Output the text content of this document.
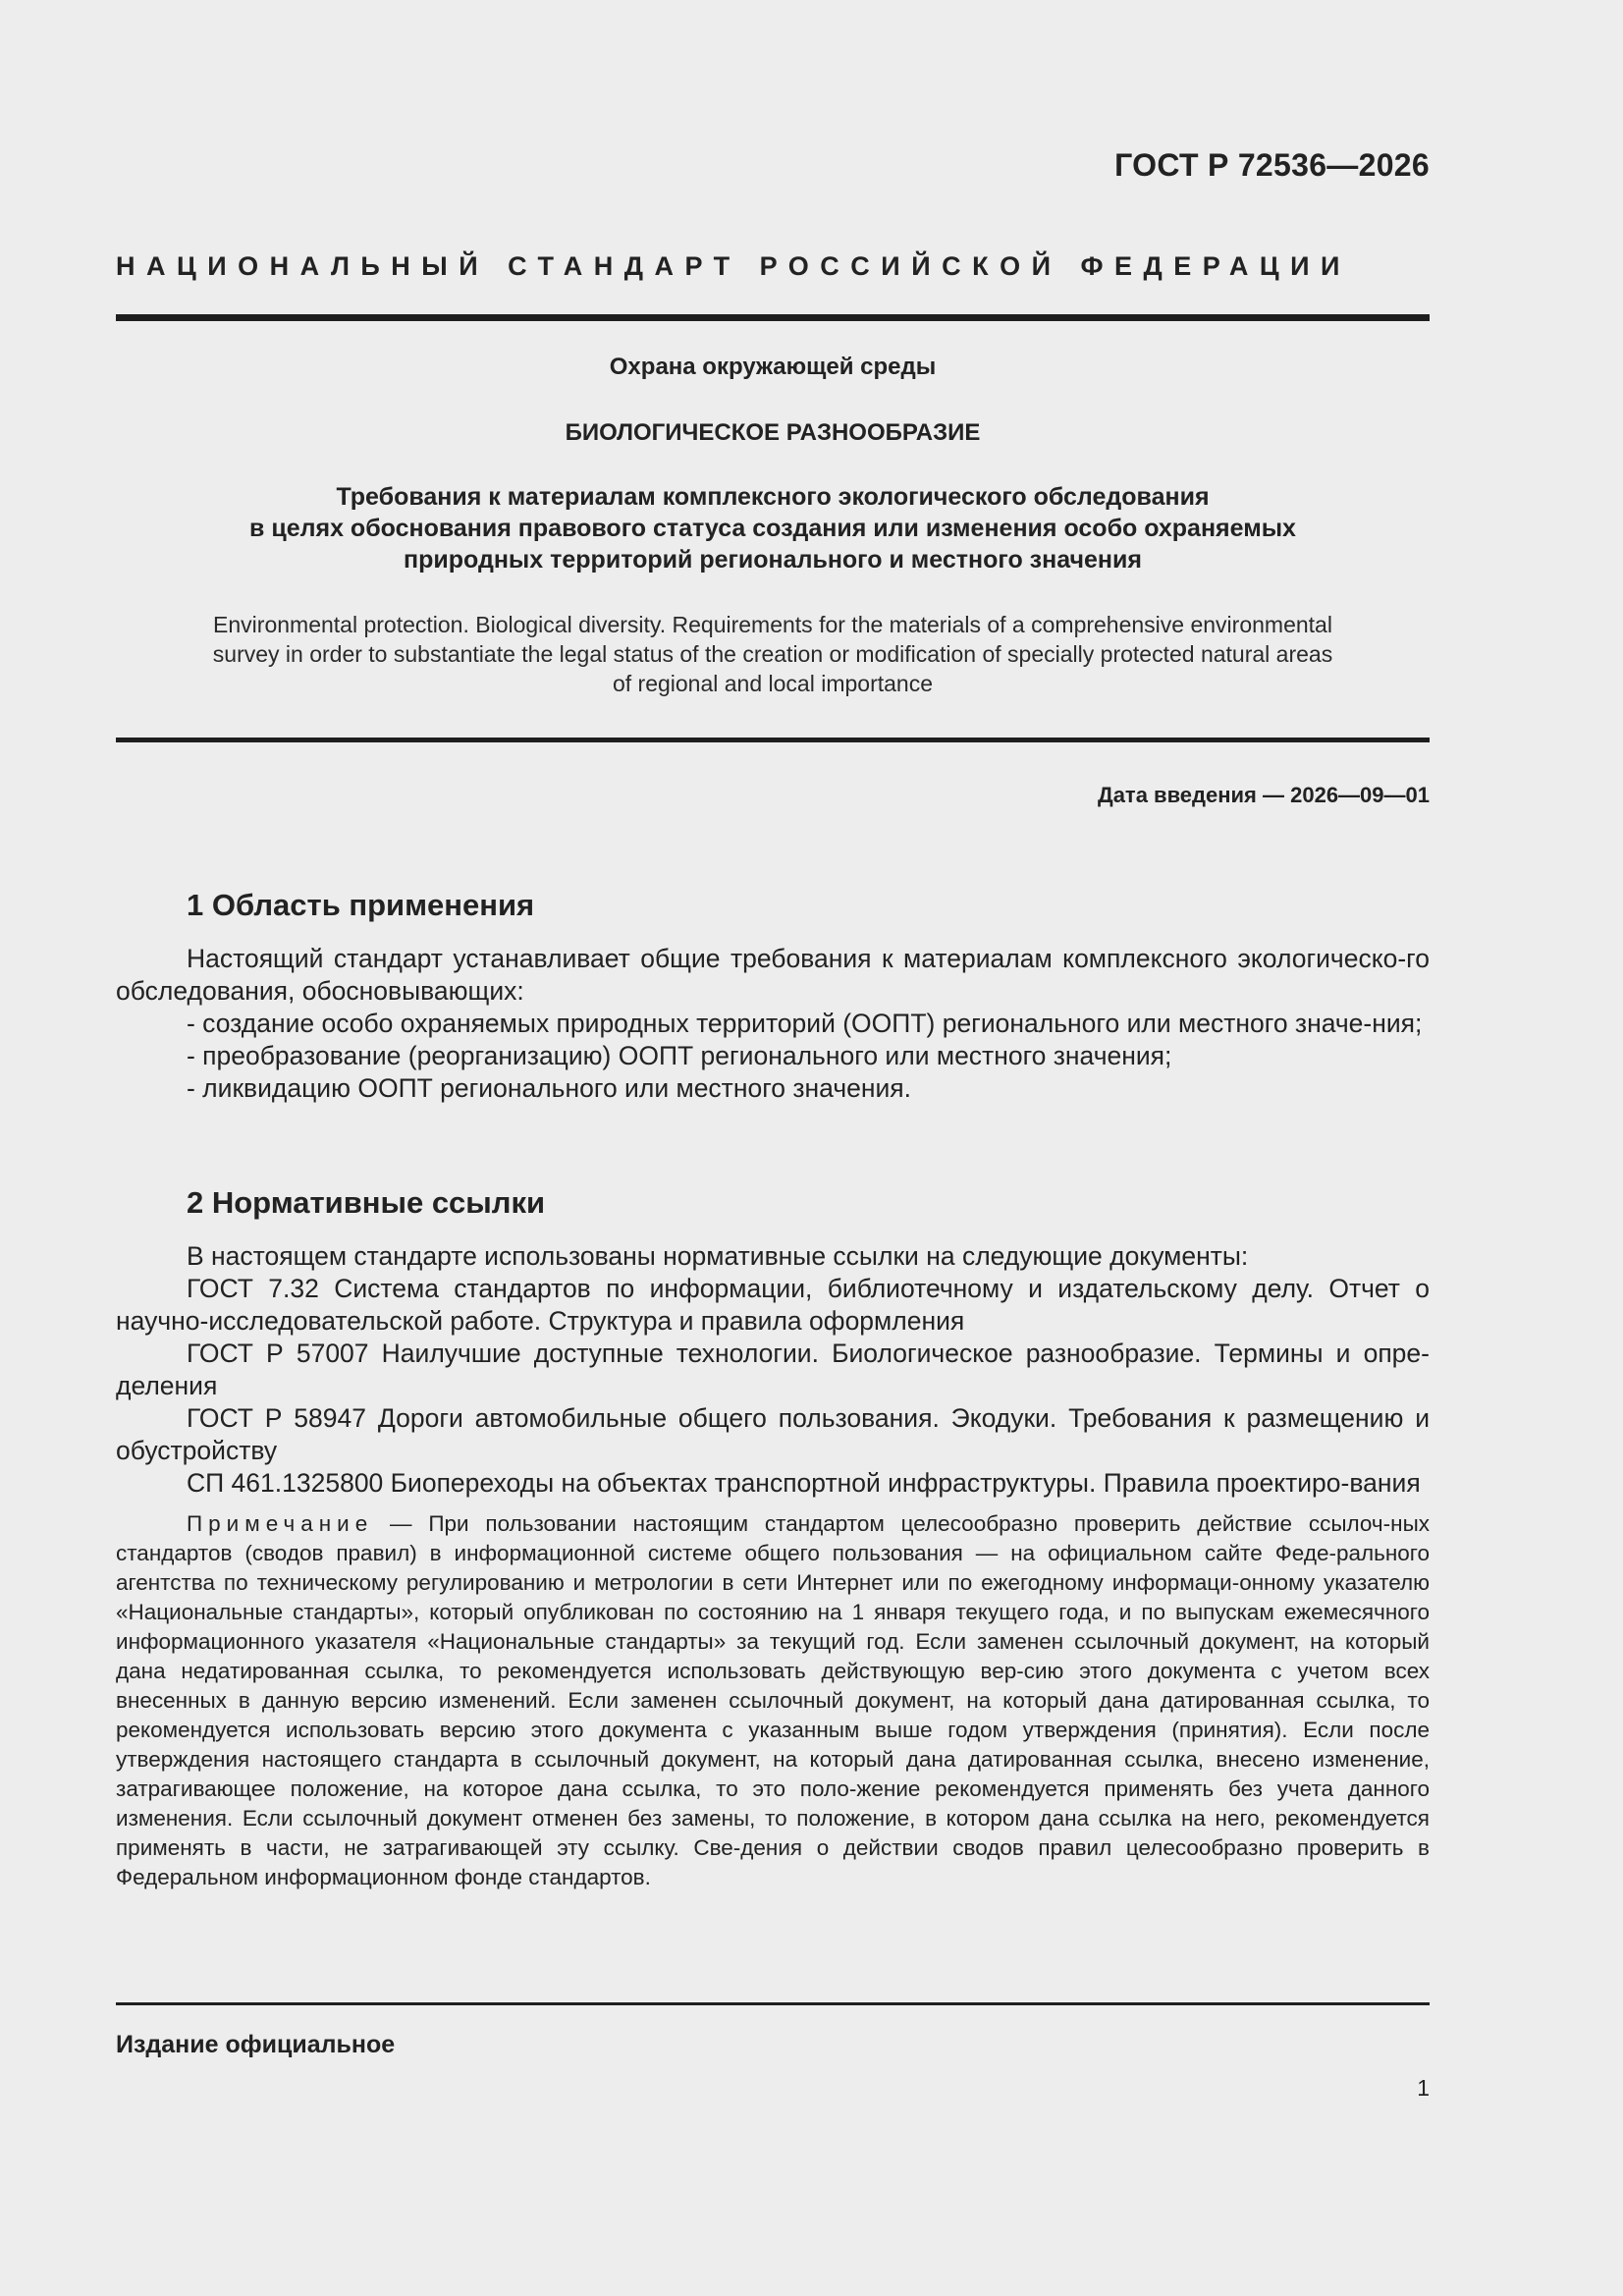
ГОСТ Р 72536—2026
НАЦИОНАЛЬНЫЙ СТАНДАРТ РОССИЙСКОЙ ФЕДЕРАЦИИ
Охрана окружающей среды
БИОЛОГИЧЕСКОЕ РАЗНООБРАЗИЕ
Требования к материалам комплексного экологического обследования
в целях обоснования правового статуса создания или изменения особо охраняемых
природных территорий регионального и местного значения
Environmental protection. Biological diversity. Requirements for the materials of a comprehensive environmental
survey in order to substantiate the legal status of the creation or modification of specially protected natural areas
of regional and local importance
Дата введения — 2026—09—01
1 Область применения

Настоящий стандарт устанавливает общие требования к материалам комплексного экологическо-го обследования, обосновывающих:

- создание особо охраняемых природных территорий (ООПТ) регионального или местного значе-ния;

- преобразование (реорганизацию) ООПТ регионального или местного значения;

- ликвидацию ООПТ регионального или местного значения.

2 Нормативные ссылки

В настоящем стандарте использованы нормативные ссылки на следующие документы:

ГОСТ 7.32 Система стандартов по информации, библиотечному и издательскому делу. Отчет о научно-исследовательской работе. Структура и правила оформления

ГОСТ Р 57007 Наилучшие доступные технологии. Биологическое разнообразие. Термины и опре-деления

ГОСТ Р 58947 Дороги автомобильные общего пользования. Экодуки. Требования к размещению и обустройству

СП 461.1325800 Биопереходы на объектах транспортной инфраструктуры. Правила проектиро-вания

Примечание — При пользовании настоящим стандартом целесообразно проверить действие ссылоч-ных стандартов (сводов правил) в информационной системе общего пользования — на официальном сайте Феде-рального агентства по техническому регулированию и метрологии в сети Интернет или по ежегодному информаци-онному указателю «Национальные стандарты», который опубликован по состоянию на 1 января текущего года, и по выпускам ежемесячного информационного указателя «Национальные стандарты» за текущий год. Если заменен ссылочный документ, на который дана недатированная ссылка, то рекомендуется использовать действующую вер-сию этого документа с учетом всех внесенных в данную версию изменений. Если заменен ссылочный документ, на который дана датированная ссылка, то рекомендуется использовать версию этого документа с указанным выше годом утверждения (принятия). Если после утверждения настоящего стандарта в ссылочный документ, на который дана датированная ссылка, внесено изменение, затрагивающее положение, на которое дана ссылка, то это поло-жение рекомендуется применять без учета данного изменения. Если ссылочный документ отменен без замены, то положение, в котором дана ссылка на него, рекомендуется применять в части, не затрагивающей эту ссылку. Све-дения о действии сводов правил целесообразно проверить в Федеральном информационном фонде стандартов.

Издание официальное
1
